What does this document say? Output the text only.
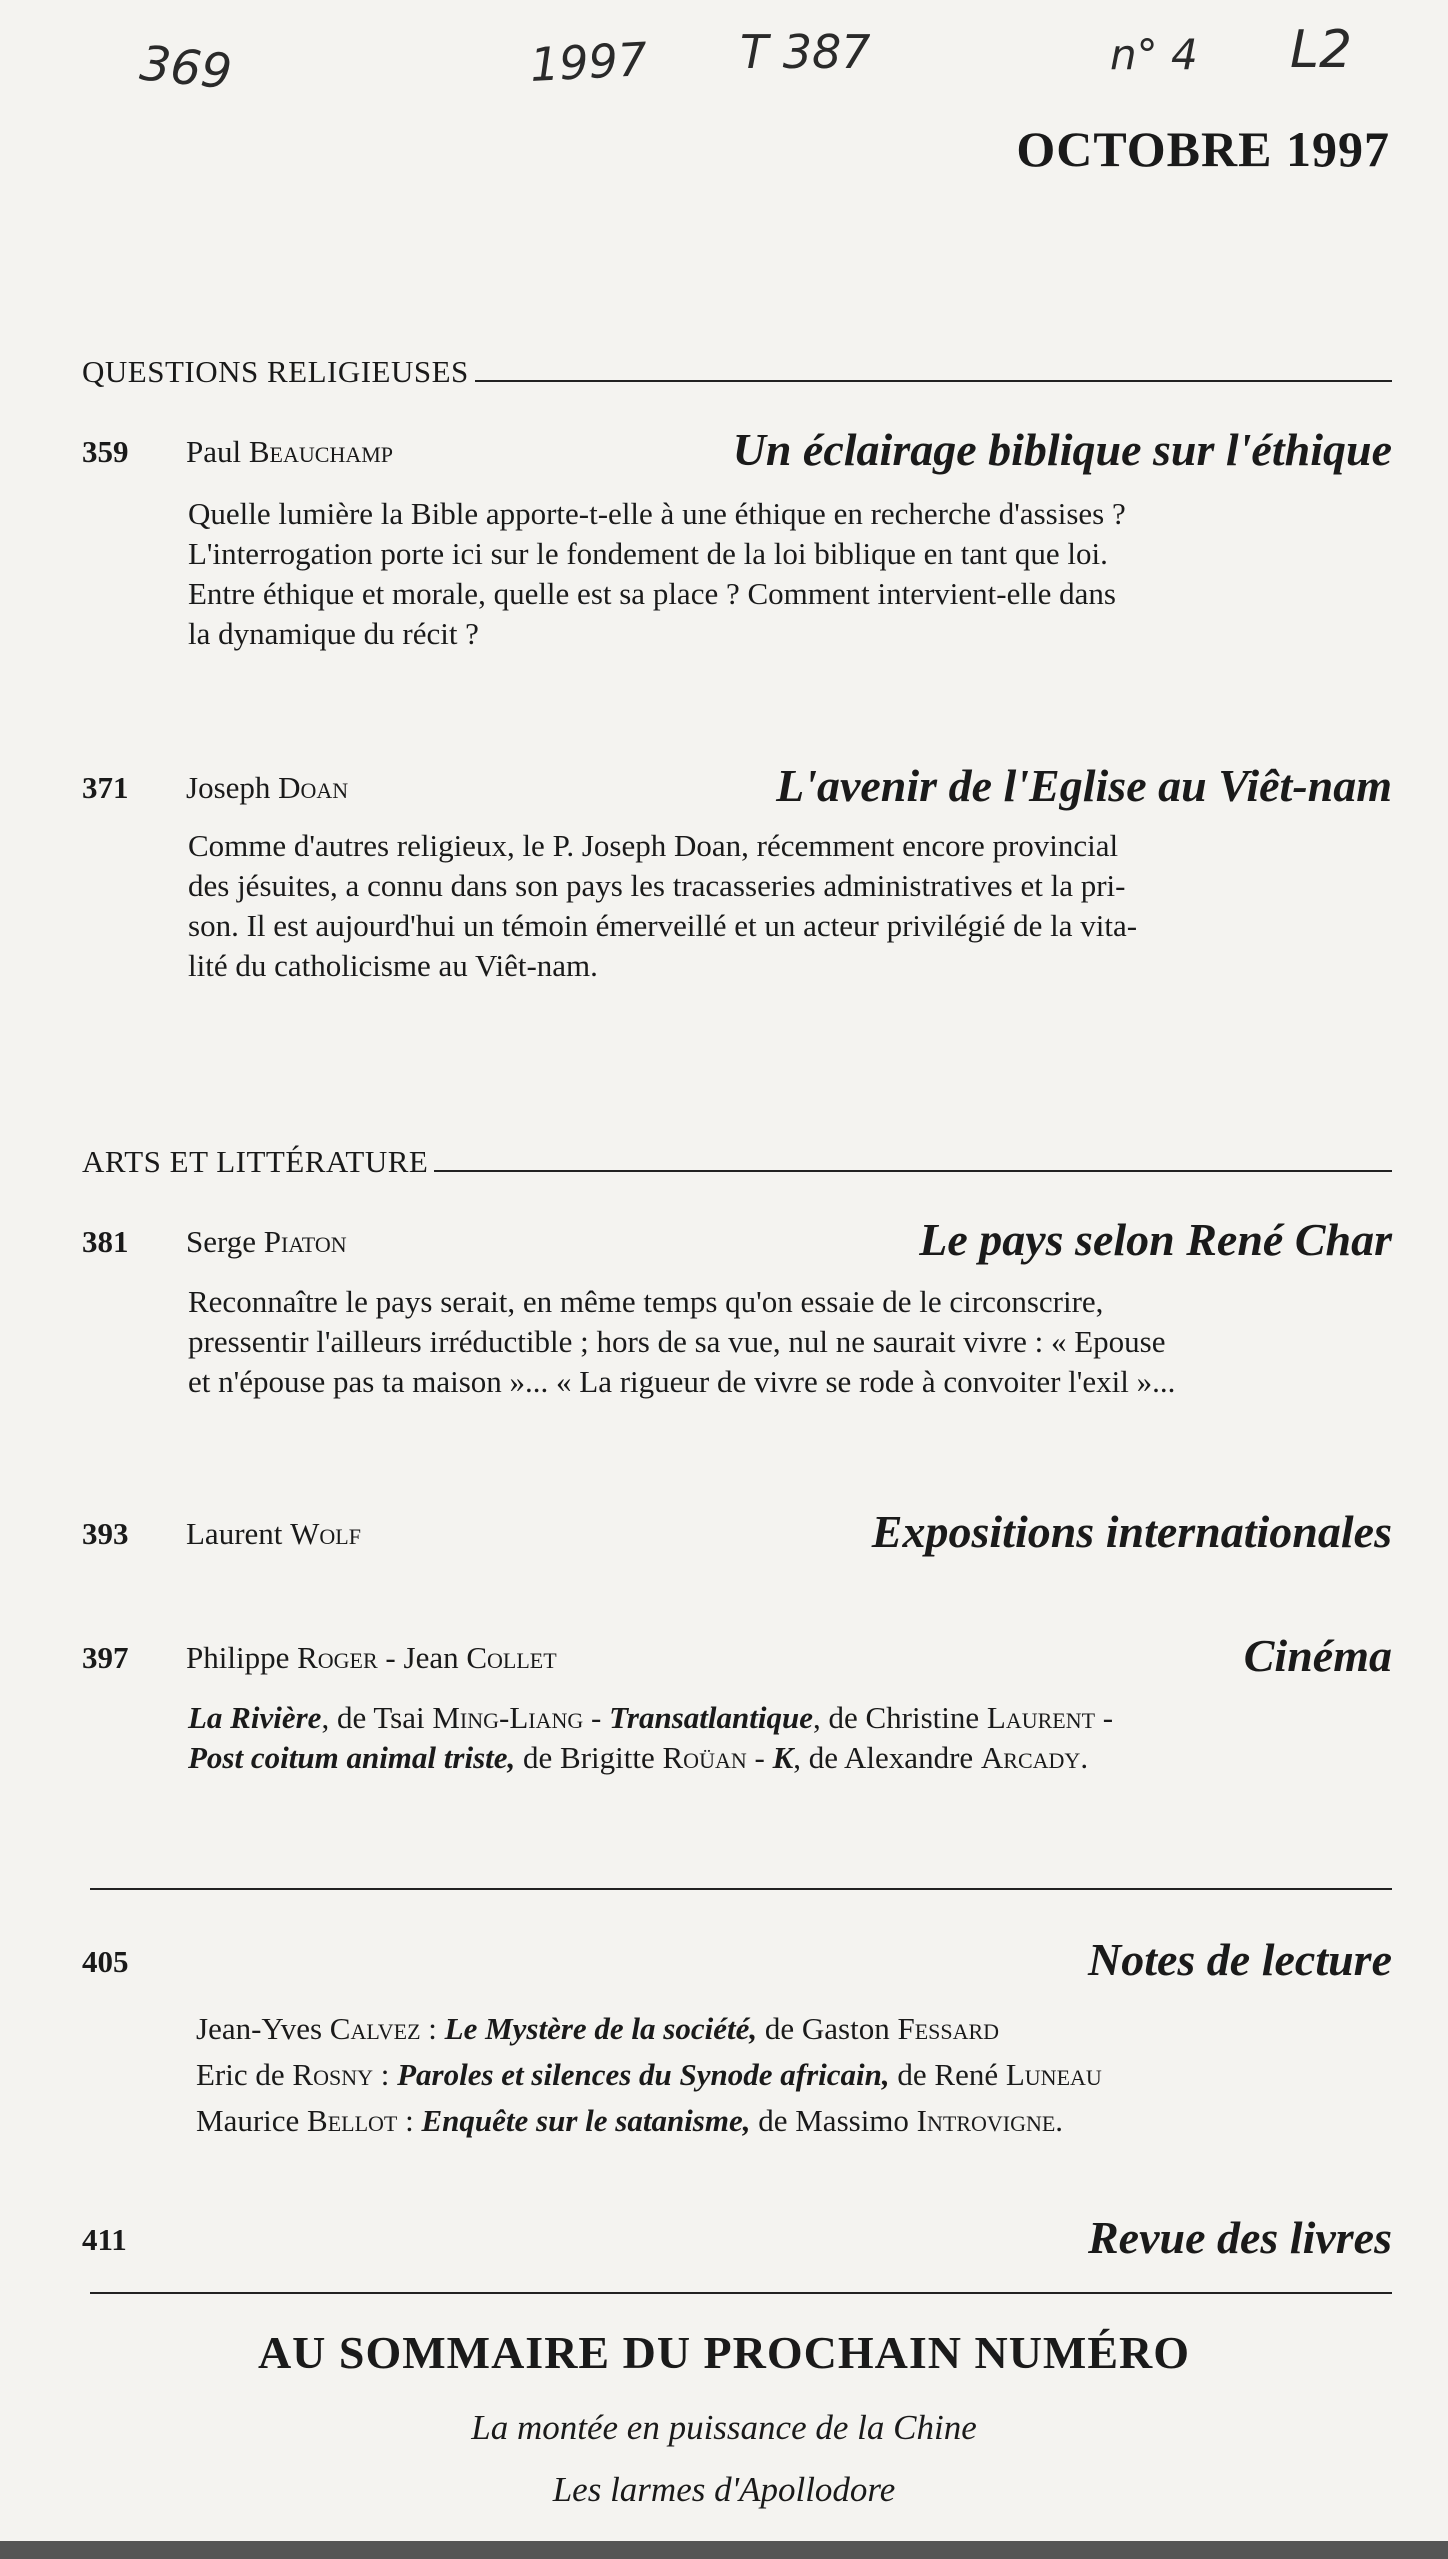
369	1997 T 387	n° 4 L2
OCTOBRE 1997
QUESTIONS RELIGIEUSES
359 Paul Beauchamp	Un éclairage biblique sur l'éthique

Quelle lumière la Bible apporte-t-elle à une éthique en recherche d'assises ?

L'interrogation porte ici sur le fondement de la loi biblique en tant que loi.

Entre éthique et morale, quelle est sa place ? Comment intervient-elle dans

la dynamique du récit ?

371 Joseph Doan	L'avenir de l'Eglise au Viêt-nam

Comme d'autres religieux, le P. Joseph Doan, récemment encore provincial

des jésuites, a connu dans son pays les tracasseries administratives et la pri-

son. Il est aujourd'hui un témoin émerveillé et un acteur privilégié de la vita-

lité du catholicisme au Viêt-nam.

ARTS ET LITTÉRATURE
381 Serge Piaton	Le pays selon René Char

Reconnaître le pays serait, en même temps qu'on essaie de le circonscrire,

pressentir l'ailleurs irréductible ; hors de sa vue, nul ne saurait vivre : « Epouse

et n'épouse pas ta maison »... « La rigueur de vivre se rode à convoiter l'exil »...

393 Laurent Wolf	Expositions internationales
397 Philippe Roger - Jean Collet	Cinéma

La Rivière, de Tsai Ming-Liang - Transatlantique, de Christine Laurent -

Post coitum animal triste, de Brigitte Roüan - K, de Alexandre Arcady.

405	Notes de lecture

Jean-Yves Calvez : Le Mystère de la société, de Gaston Fessard

Eric de Rosny : Paroles et silences du Synode africain, de René Luneau

Maurice Bellot : Enquête sur le satanisme, de Massimo Introvigne.

411	Revue des livres
AU SOMMAIRE DU PROCHAIN NUMÉRO
La montée en puissance de la Chine
Les larmes d'Apollodore
